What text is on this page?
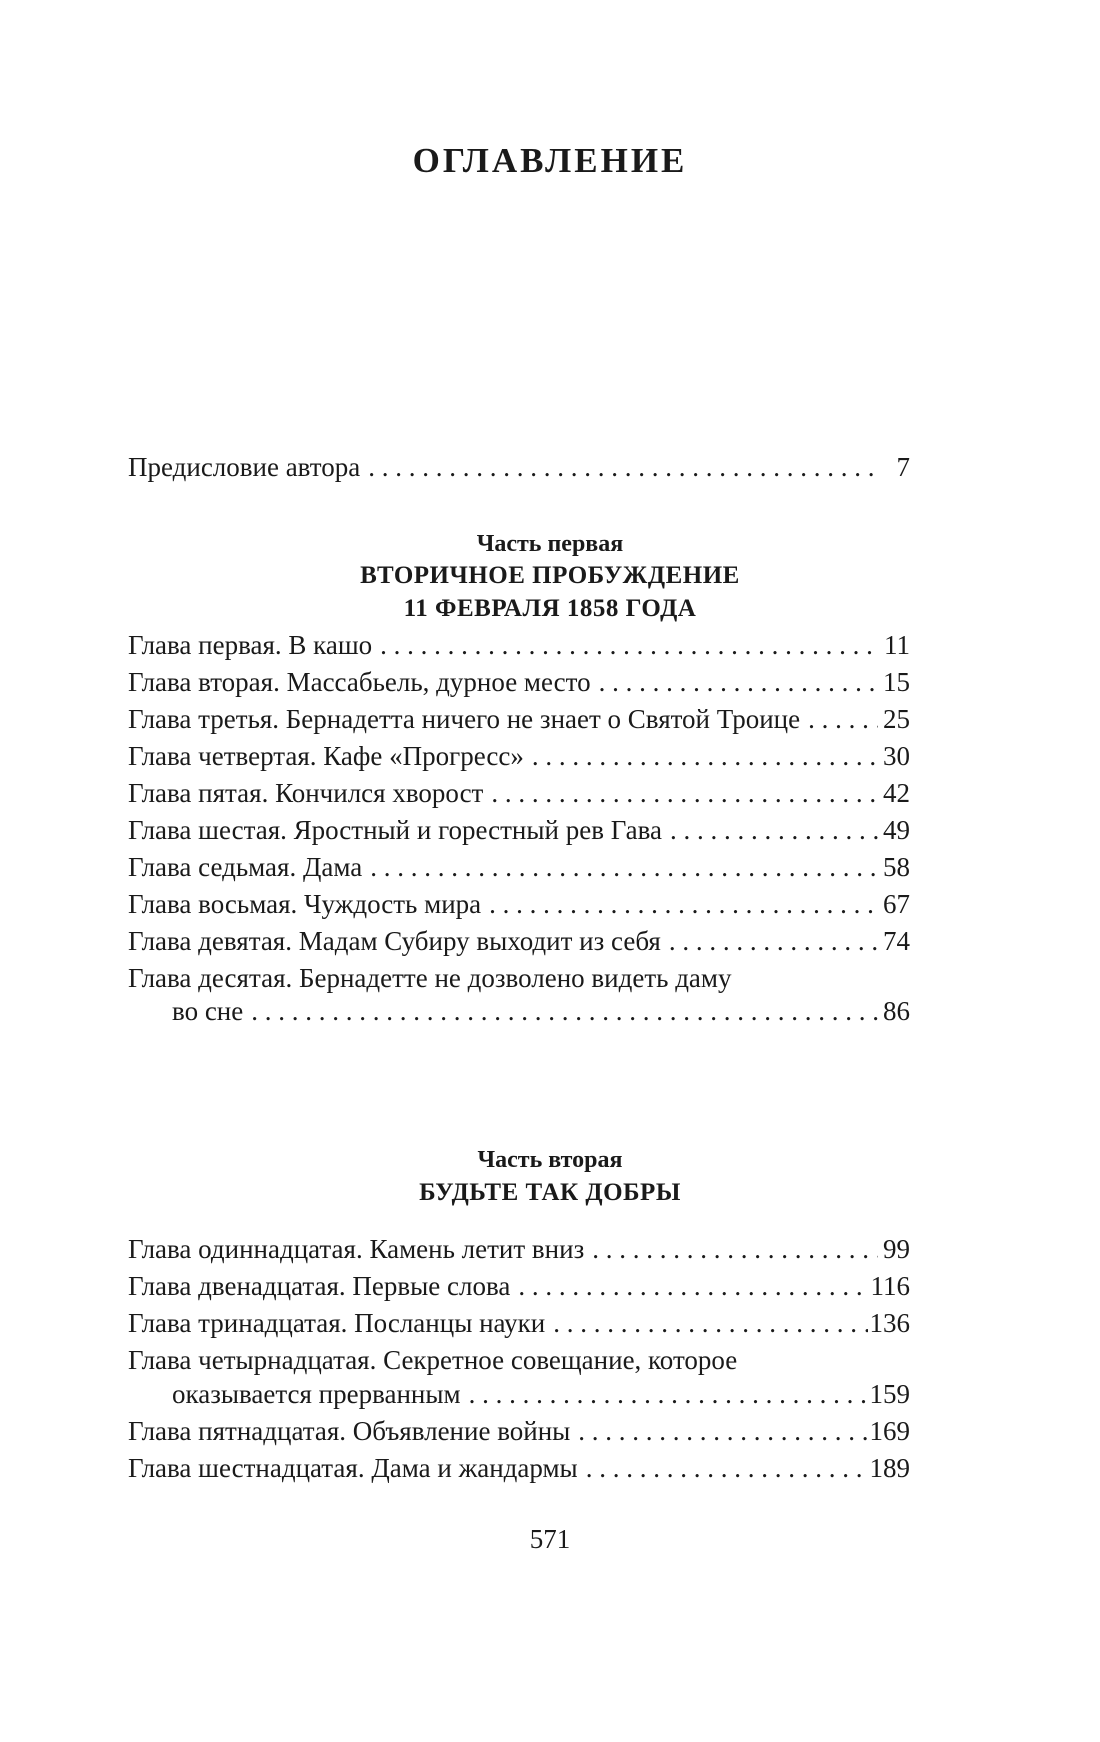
ОГЛАВЛЕНИЕ
Предисловие автора . . .	7
Часть первая
ВТОРИЧНОЕ ПРОБУЖДЕНИЕ
11 ФЕВРАЛЯ 1858 ГОДА
Глава первая. В кашо . . .	11
Глава вторая. Массабьель, дурное место . . .	15
Глава третья. Бернадетта ничего не знает о Святой Троице . . .	25
Глава четвертая. Кафе «Прогресс» . . .	30
Глава пятая. Кончился хворост . . .	42
Глава шестая. Яростный и горестный рев Гава . . .	49
Глава седьмая. Дама . . .	58
Глава восьмая. Чуждость мира . . .	67
Глава девятая. Мадам Субиру выходит из себя . . .	74
Глава десятая. Бернадетте не дозволено видеть даму
во сне . . .	86
Часть вторая
БУДЬТЕ ТАК ДОБРЫ
Глава одиннадцатая. Камень летит вниз . . .	99
Глава двенадцатая. Первые слова . . .	116
Глава тринадцатая. Посланцы науки . . .	136
Глава четырнадцатая. Секретное совещание, которое
оказывается прерванным . . .	159
Глава пятнадцатая. Объявление войны . . .	169
Глава шестнадцатая. Дама и жандармы . . .	189
571
